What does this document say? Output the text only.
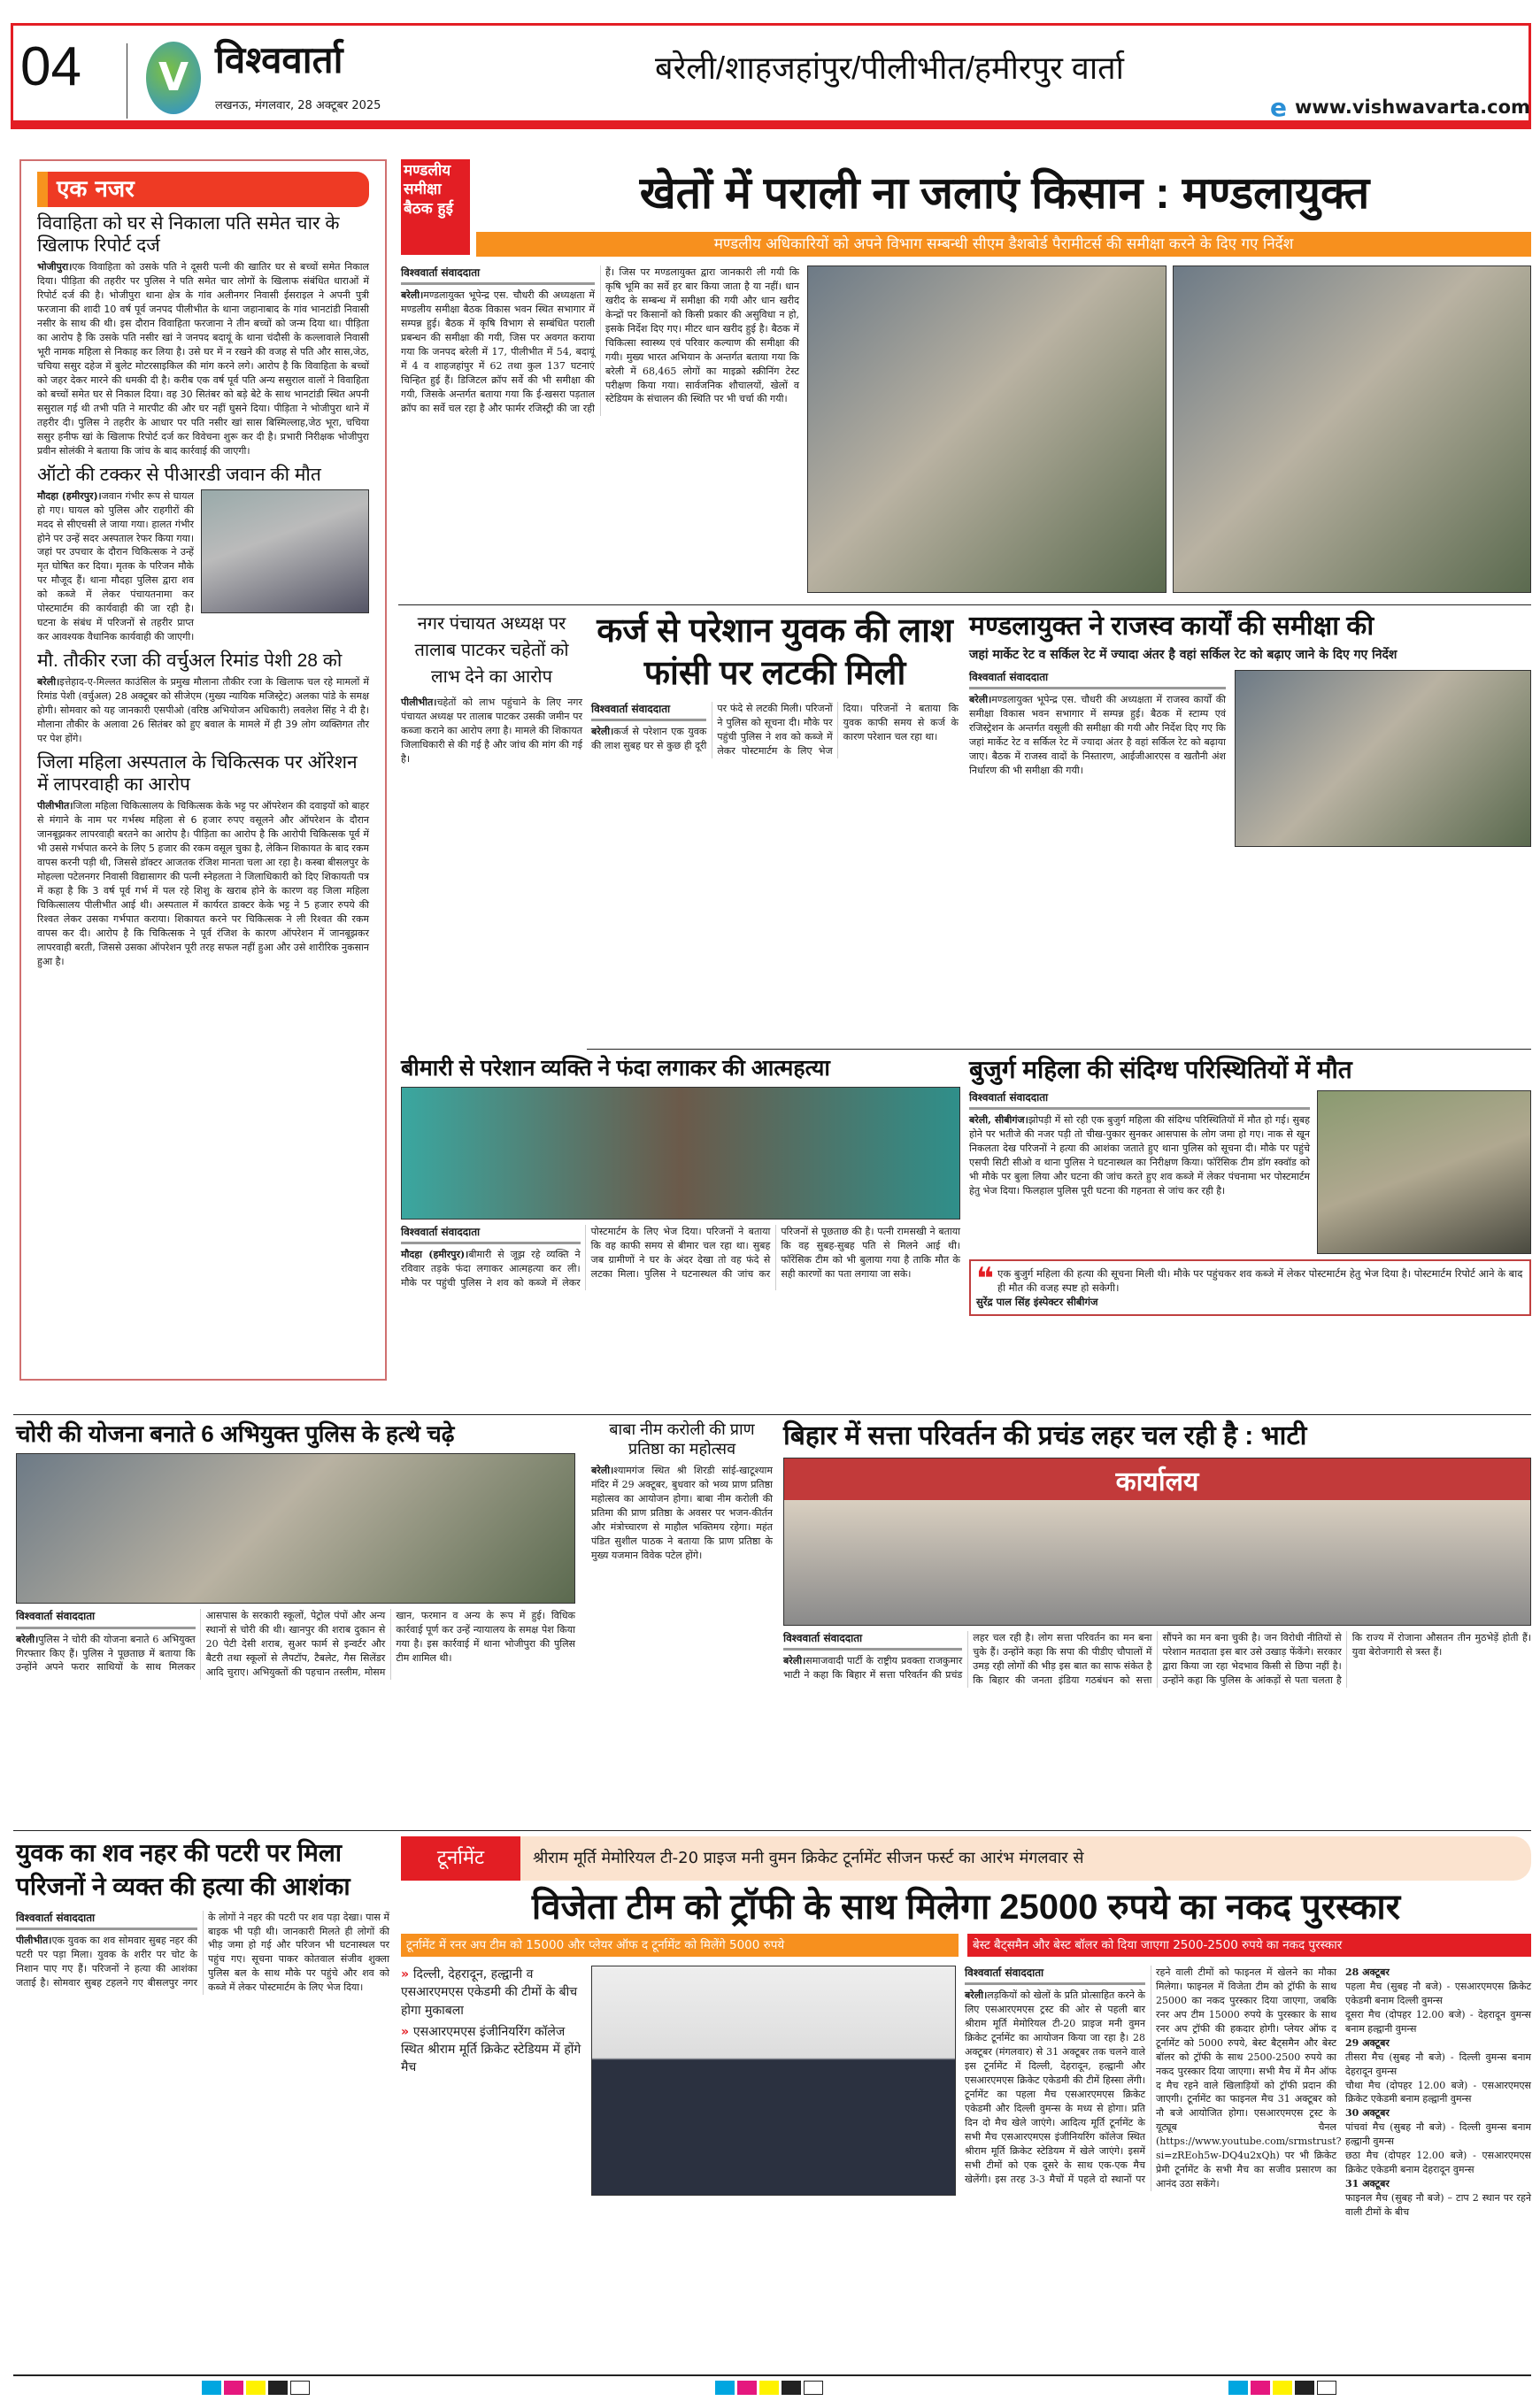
04	V विश्ववार्ता
लखनऊ, मंगलवार, 28 अक्टूबर 2025
बरेली/शाहजहांपुर/पीलीभीत/हमीरपुर वार्ता
e www.vishwavarta.com
एक नजर
विवाहिता को घर से निकाला पति समेत चार के खिलाफ रिपोर्ट दर्ज
भोजीपुरा।एक विवाहिता को उसके पति ने दूसरी पत्नी की खातिर घर से बच्चों समेत निकाल दिया। पीड़िता की तहरीर पर पुलिस ने पति समेत चार लोगों के खिलाफ संबंधित धाराओं में रिपोर्ट दर्ज की है। भोजीपुरा थाना क्षेत्र के गांव अलीनगर निवासी ईसराइल ने अपनी पुत्री फरजाना की शादी 10 वर्ष पूर्व जनपद पीलीभीत के थाना जहानाबाद के गांव भानटांडी निवासी नसीर के साथ की थी। इस दौरान विवाहिता फरजाना ने तीन बच्चों को जन्म दिया था। पीड़िता का आरोप है कि उसके पति नसीर खां ने जनपद बदायूं के थाना चंदौसी के कल्लावाले निवासी भूरी नामक महिला से निकाह कर लिया है। उसे घर में न रखने की वजह से पति और सास,जेठ, चचिया ससुर दहेज में बुलेट मोटरसाइकिल की मांग करने लगे। आरोप है कि विवाहिता के बच्चों को जहर देकर मारने की धमकी दी है। करीब एक वर्ष पूर्व पति अन्य ससुराल वालों ने विवाहिता को बच्चों समेत घर से निकाल दिया। वह 30 सितंबर को बड़े बेटे के साथ भानटांडी स्थित अपनी ससुराल गई थी तभी पति ने मारपीट की और घर नहीं घुसने दिया। पीड़िता ने भोजीपुरा थाने में तहरीर दी। पुलिस ने तहरीर के आधार पर पति नसीर खां सास बिस्मिल्लाह,जेठ भूरा, चचिया ससुर हनीफ खां के खिलाफ रिपोर्ट दर्ज कर विवेचना शुरू कर दी है। प्रभारी निरीक्षक भोजीपुरा प्रवीन सोलंकी ने बताया कि जांच के बाद कार्रवाई की जाएगी।
ऑटो की टक्कर से पीआरडी जवान की मौत
मौदहा (हमीरपुर)।जवान गंभीर रूप से घायल हो गए। घायल को पुलिस और राहगीरों की मदद से सीएचसी ले जाया गया। हालत गंभीर होने पर उन्हें सदर अस्पताल रेफर किया गया। जहां पर उपचार के दौरान चिकित्सक ने उन्हें मृत घोषित कर दिया। मृतक के परिजन मौके पर मौजूद हैं। थाना मौदहा पुलिस द्वारा शव को कब्जे में लेकर पंचायतनामा कर पोस्टमार्टम की कार्यवाही की जा रही है। घटना के संबंध में परिजनों से तहरीर प्राप्त कर आवश्यक वैधानिक कार्यवाही की जाएगी।
मौ. तौकीर रजा की वर्चुअल रिमांड पेशी 28 को
बरेली।इत्तेहाद-ए-मिल्लत काउंसिल के प्रमुख मौलाना तौकीर रजा के खिलाफ चल रहे मामलों में रिमांड पेशी (वर्चुअल) 28 अक्टूबर को सीजेएम (मुख्य न्यायिक मजिस्ट्रेट) अलका पांडे के समक्ष होगी। सोमवार को यह जानकारी एसपीओ (वरिष्ठ अभियोजन अधिकारी) लवलेश सिंह ने दी है। मौलाना तौकीर के अलावा 26 सितंबर को हुए बवाल के मामले में ही 39 लोग व्यक्तिगत तौर पर पेश होंगे।
जिला महिला अस्पताल के चिकित्सक पर ऑरेशन में लापरवाही का आरोप
पीलीभीत।जिला महिला चिकित्सालय के चिकित्सक केके भट्ट पर ऑपरेशन की दवाइयों को बाहर से मंगाने के नाम पर गर्भस्थ महिला से 6 हजार रुपए वसूलने और ऑपरेशन के दौरान जानबूझकर लापरवाही बरतने का आरोप है। पीड़िता का आरोप है कि आरोपी चिकित्सक पूर्व में भी उससे गर्भपात करने के लिए 5 हजार की रकम वसूल चुका है, लेकिन शिकायत के बाद रकम वापस करनी पड़ी थी, जिससे डॉक्टर आजतक रंजिश मानता चला आ रहा है। कस्बा बीसलपुर के मोहल्ला पटेलनगर निवासी विद्यासागर की पत्नी स्नेहलता ने जिलाधिकारी को दिए शिकायती पत्र में कहा है कि 3 वर्ष पूर्व गर्भ में पल रहे शिशु के खराब होने के कारण वह जिला महिला चिकित्सालय पीलीभीत आई थी। अस्पताल में कार्यरत डाक्टर केके भट्ट ने 5 हजार रुपये की रिश्वत लेकर उसका गर्भपात कराया। शिकायत करने पर चिकित्सक ने ली रिश्वत की रकम वापस कर दी। आरोप है कि चिकित्सक ने पूर्व रंजिश के कारण ऑपरेशन में जानबूझकर लापरवाही बरती, जिससे उसका ऑपरेशन पूरी तरह सफल नहीं हुआ और उसे शारीरिक नुकसान हुआ है।
मण्डलीय समीक्षा बैठक हुई	खेतों में पराली ना जलाएं किसान : मण्डलायुक्त
मण्डलीय अधिकारियों को अपने विभाग सम्बन्धी सीएम डैशबोर्ड पैरामीटर्स की समीक्षा करने के दिए गए निर्देश
विश्ववार्ता संवाददाता
बरेली।मण्डलायुक्त भूपेन्द्र एस. चौधरी की अध्यक्षता में मण्डलीय समीक्षा बैठक विकास भवन स्थित सभागार में सम्पन्न हुई। बैठक में कृषि विभाग से सम्बंधित पराली प्रबन्धन की समीक्षा की गयी, जिस पर अवगत कराया गया कि जनपद बरेली में 17, पीलीभीत में 54, बदायूं में 4 व शाहजहांपुर में 62 तथा कुल 137 घटनाएं चिन्हित हुई हैं। डिजिटल क्रॉप सर्वे की भी समीक्षा की गयी, जिसके अन्तर्गत बताया गया कि ई-खसरा पड़ताल क्रॉप का सर्वे चल रहा है और फार्मर रजिस्ट्री की जा रही हैं। जिस पर मण्डलायुक्त द्वारा जानकारी ली गयी कि कृषि भूमि का सर्वे हर बार किया जाता है या नहीं। धान खरीद के सम्बन्ध में समीक्षा की गयी और धान खरीद केन्द्रों पर किसानों को किसी प्रकार की असुविधा न हो, इसके निर्देश दिए गए। मीटर धान खरीद हुई है। बैठक में चिकित्सा स्वास्थ्य एवं परिवार कल्याण की समीक्षा की गयी। मुख्य भारत अभियान के अन्तर्गत बताया गया कि बरेली में 68,465 लोगों का माइक्रो स्क्रीनिंग टेस्ट परीक्षण किया गया। सार्वजनिक शौचालयों, खेलों व स्टेडियम के संचालन की स्थिति पर भी चर्चा की गयी।
नगर पंचायत अध्यक्ष पर तालाब पाटकर चहेतों को लाभ देने का आरोप
पीलीभीत।चहेतों को लाभ पहुंचाने के लिए नगर पंचायत अध्यक्ष पर तालाब पाटकर उसकी जमीन पर कब्जा कराने का आरोप लगा है। मामले की शिकायत जिलाधिकारी से की गई है और जांच की मांग की गई है।
कर्ज से परेशान युवक की लाश फांसी पर लटकी मिली
विश्ववार्ता संवाददाता
बरेली।कर्ज से परेशान एक युवक की लाश सुबह घर से कुछ ही दूरी पर फंदे से लटकी मिली। परिजनों ने पुलिस को सूचना दी। मौके पर पहुंची पुलिस ने शव को कब्जे में लेकर पोस्टमार्टम के लिए भेज दिया। परिजनों ने बताया कि युवक काफी समय से कर्ज के कारण परेशान चल रहा था।
मण्डलायुक्त ने राजस्व कार्यों की समीक्षा की
जहां मार्केट रेट व सर्किल रेट में ज्यादा अंतर है वहां सर्किल रेट को बढ़ाए जाने के दिए गए निर्देश
विश्ववार्ता संवाददाता
बरेली।मण्डलायुक्त भूपेन्द्र एस. चौधरी की अध्यक्षता में राजस्व कार्यों की समीक्षा विकास भवन सभागार में सम्पन्न हुई। बैठक में स्टाम्प एवं रजिस्ट्रेशन के अन्तर्गत वसूली की समीक्षा की गयी और निर्देश दिए गए कि जहां मार्केट रेट व सर्किल रेट में ज्यादा अंतर है वहां सर्किल रेट को बढ़ाया जाए। बैठक में राजस्व वादों के निस्तारण, आईजीआरएस व खतौनी अंश निर्धारण की भी समीक्षा की गयी।
बीमारी से परेशान व्यक्ति ने फंदा लगाकर की आत्महत्या
विश्ववार्ता संवाददाता
मौदहा (हमीरपुर)।बीमारी से जूझ रहे व्यक्ति ने रविवार तड़के फंदा लगाकर आत्महत्या कर ली। मौके पर पहुंची पुलिस ने शव को कब्जे में लेकर पोस्टमार्टम के लिए भेज दिया। परिजनों ने बताया कि वह काफी समय से बीमार चल रहा था। सुबह जब ग्रामीणों ने घर के अंदर देखा तो वह फंदे से लटका मिला। पुलिस ने घटनास्थल की जांच कर परिजनों से पूछताछ की है। पत्नी रामसखी ने बताया कि वह सुबह-सुबह पति से मिलने आई थी। फॉरेंसिक टीम को भी बुलाया गया है ताकि मौत के सही कारणों का पता लगाया जा सके।
बुजुर्ग महिला की संदिग्ध परिस्थितियों में मौत
विश्ववार्ता संवाददाता
बरेली, सीबीगंज।झोपड़ी में सो रही एक बुजुर्ग महिला की संदिग्ध परिस्थितियों में मौत हो गई। सुबह होने पर भतीजे की नजर पड़ी तो चीख-पुकार सुनकर आसपास के लोग जमा हो गए। नाक से खून निकलता देख परिजनों ने हत्या की आशंका जताते हुए थाना पुलिस को सूचना दी। मौके पर पहुंचे एसपी सिटी सीओ व थाना पुलिस ने घटनास्थल का निरीक्षण किया। फॉरेंसिक टीम डॉग स्क्वॉड को भी मौके पर बुला लिया और घटना की जांच करते हुए शव कब्जे में लेकर पंचनामा भर पोस्टमार्टम हेतु भेज दिया। फिलहाल पुलिस पूरी घटना की गहनता से जांच कर रही है।
❝ एक बुजुर्ग महिला की हत्या की सूचना मिली थी। मौके पर पहुंचकर शव कब्जे में लेकर पोस्टमार्टम हेतु भेज दिया है। पोस्टमार्टम रिपोर्ट आने के बाद ही मौत की वजह स्पष्ट हो सकेगी।
सुरेंद्र पाल सिंह इंस्पेक्टर सीबीगंज
चोरी की योजना बनाते 6 अभियुक्त पुलिस के हत्थे चढ़े
विश्ववार्ता संवाददाता
बरेली।पुलिस ने चोरी की योजना बनाते 6 अभियुक्त गिरफ्तार किए हैं। पुलिस ने पूछताछ में बताया कि उन्होंने अपने फरार साथियों के साथ मिलकर आसपास के सरकारी स्कूलों, पेट्रोल पंपों और अन्य स्थानों से चोरी की थी। खानपुर की शराब दुकान से 20 पेटी देसी शराब, सुअर फार्म से इन्वर्टर और बैटरी तथा स्कूलों से लैपटॉप, टैबलेट, गैस सिलेंडर आदि चुराए। अभियुक्तों की पहचान तस्लीम, मोसम खान, फरमान व अन्य के रूप में हुई। विधिक कार्रवाई पूर्ण कर उन्हें न्यायालय के समक्ष पेश किया गया है। इस कार्रवाई में थाना भोजीपुरा की पुलिस टीम शामिल थी।
बाबा नीम करोली की प्राण प्रतिष्ठा का महोत्सव
बरेली।श्यामगंज स्थित श्री शिरडी सांई-खाटूश्याम मंदिर में 29 अक्टूबर, बुधवार को भव्य प्राण प्रतिष्ठा महोत्सव का आयोजन होगा। बाबा नीम करोली की प्रतिमा की प्राण प्रतिष्ठा के अवसर पर भजन-कीर्तन और मंत्रोच्चारण से माहौल भक्तिमय रहेगा। महंत पंडित सुशील पाठक ने बताया कि प्राण प्रतिष्ठा के मुख्य यजमान विवेक पटेल होंगे।
बिहार में सत्ता परिवर्तन की प्रचंड लहर चल रही है : भाटी
कार्यालय
विश्ववार्ता संवाददाता
बरेली।समाजवादी पार्टी के राष्ट्रीय प्रवक्ता राजकुमार भाटी ने कहा कि बिहार में सत्ता परिवर्तन की प्रचंड लहर चल रही है। लोग सत्ता परिवर्तन का मन बना चुके हैं। उन्होंने कहा कि सपा की पीडीए चौपालों में उमड़ रही लोगों की भीड़ इस बात का साफ संकेत है कि बिहार की जनता इंडिया गठबंधन को सत्ता सौंपने का मन बना चुकी है। जन विरोधी नीतियों से परेशान मतदाता इस बार उसे उखाड़ फेंकेंगे। सरकार द्वारा किया जा रहा भेदभाव किसी से छिपा नहीं है। उन्होंने कहा कि पुलिस के आंकड़ों से पता चलता है कि राज्य में रोजाना औसतन तीन मुठभेड़ें होती हैं। युवा बेरोजगारी से त्रस्त हैं।
युवक का शव नहर की पटरी पर मिला परिजनों ने व्यक्त की हत्या की आशंका
विश्ववार्ता संवाददाता
पीलीभीत।एक युवक का शव सोमवार सुबह नहर की पटरी पर पड़ा मिला। युवक के शरीर पर चोट के निशान पाए गए हैं। परिजनों ने हत्या की आशंका जताई है। सोमवार सुबह टहलने गए बीसलपुर नगर के लोगों ने नहर की पटरी पर शव पड़ा देखा। पास में बाइक भी पड़ी थी। जानकारी मिलते ही लोगों की भीड़ जमा हो गई और परिजन भी घटनास्थल पर पहुंच गए। सूचना पाकर कोतवाल संजीव शुक्ला पुलिस बल के साथ मौके पर पहुंचे और शव को कब्जे में लेकर पोस्टमार्टम के लिए भेज दिया।
टूर्नामेंट	श्रीराम मूर्ति मेमोरियल टी-20 प्राइज मनी वुमन क्रिकेट टूर्नामेंट सीजन फर्स्ट का आरंभ मंगलवार से
विजेता टीम को ट्रॉफी के साथ मिलेगा 25000 रुपये का नकद पुरस्कार
टूर्नामेंट में रनर अप टीम को 15000 और प्लेयर ऑफ द टूर्नामेंट को मिलेंगे 5000 रुपये	बेस्ट बैट्समैन और बेस्ट बॉलर को दिया जाएगा 2500-2500 रुपये का नकद पुरस्कार
» दिल्ली, देहरादून, हल्द्वानी व एसआरएमएस एकेडमी की टीमों के बीच होगा मुकाबला
» एसआरएमएस इंजीनियरिंग कॉलेज स्थित श्रीराम मूर्ति क्रिकेट स्टेडियम में होंगे मैच
विश्ववार्ता संवाददाता
बरेली।लड़कियों को खेलों के प्रति प्रोत्साहित करने के लिए एसआरएमएस ट्रस्ट की ओर से पहली बार श्रीराम मूर्ति मेमोरियल टी-20 प्राइज मनी वुमन क्रिकेट टूर्नामेंट का आयोजन किया जा रहा है। 28 अक्टूबर (मंगलवार) से 31 अक्टूबर तक चलने वाले इस टूर्नामेंट में दिल्ली, देहरादून, हल्द्वानी और एसआरएमएस क्रिकेट एकेडमी की टीमें हिस्सा लेंगी। टूर्नामेंट का पहला मैच एसआरएमएस क्रिकेट एकेडमी और दिल्ली वुमन्स के मध्य से होगा। प्रति दिन दो मैच खेले जाएंगे। आदित्य मूर्ति टूर्नामेंट के सभी मैच एसआरएमएस इंजीनियरिंग कॉलेज स्थित श्रीराम मूर्ति क्रिकेट स्टेडियम में खेले जाएंगे। इसमें सभी टीमों को एक दूसरे के साथ एक-एक मैच खेलेंगी। इस तरह 3-3 मैचों में पहले दो स्थानों पर रहने वाली टीमों को फाइनल में खेलने का मौका मिलेगा। फाइनल में विजेता टीम को ट्रॉफी के साथ 25000 का नकद पुरस्कार दिया जाएगा, जबकि रनर अप टीम 15000 रुपये के पुरस्कार के साथ रनर अप ट्रॉफी की हकदार होगी। प्लेयर ऑफ द टूर्नामेंट को 5000 रुपये, बेस्ट बैट्समैन और बेस्ट बॉलर को ट्रॉफी के साथ 2500-2500 रुपये का नकद पुरस्कार दिया जाएगा। सभी मैच में मैन ऑफ द मैच रहने वाले खिलाड़ियों को ट्रॉफी प्रदान की जाएगी। टूर्नामेंट का फाइनल मैच 31 अक्टूबर को नौ बजे आयोजित होगा। एसआरएमएस ट्रस्ट के यूट्यूब चैनल (https://www.youtube.com/srmstrust?si=zREoh5w-DQ4u2xQh) पर भी क्रिकेट प्रेमी टूर्नामेंट के सभी मैच का सजीव प्रसारण का आनंद उठा सकेंगे।
28 अक्टूबर
पहला मैच (सुबह नौ बजे) - एसआरएमएस क्रिकेट एकेडमी बनाम दिल्ली वुमन्स
दूसरा मैच (दोपहर 12.00 बजे) - देहरादून वुमन्स बनाम हल्द्वानी वुमन्स
29 अक्टूबर
तीसरा मैच (सुबह नौ बजे) - दिल्ली वुमन्स बनाम देहरादून वुमन्स
चौथा मैच (दोपहर 12.00 बजे) - एसआरएमएस क्रिकेट एकेडमी बनाम हल्द्वानी वुमन्स
30 अक्टूबर
पांचवां मैच (सुबह नौ बजे) - दिल्ली वुमन्स बनाम हल्द्वानी वुमन्स
छठा मैच (दोपहर 12.00 बजे) - एसआरएमएस क्रिकेट एकेडमी बनाम देहरादून वुमन्स
31 अक्टूबर
फाइनल मैच (सुबह नौ बजे) – टाप 2 स्थान पर रहने वाली टीमों के बीच
